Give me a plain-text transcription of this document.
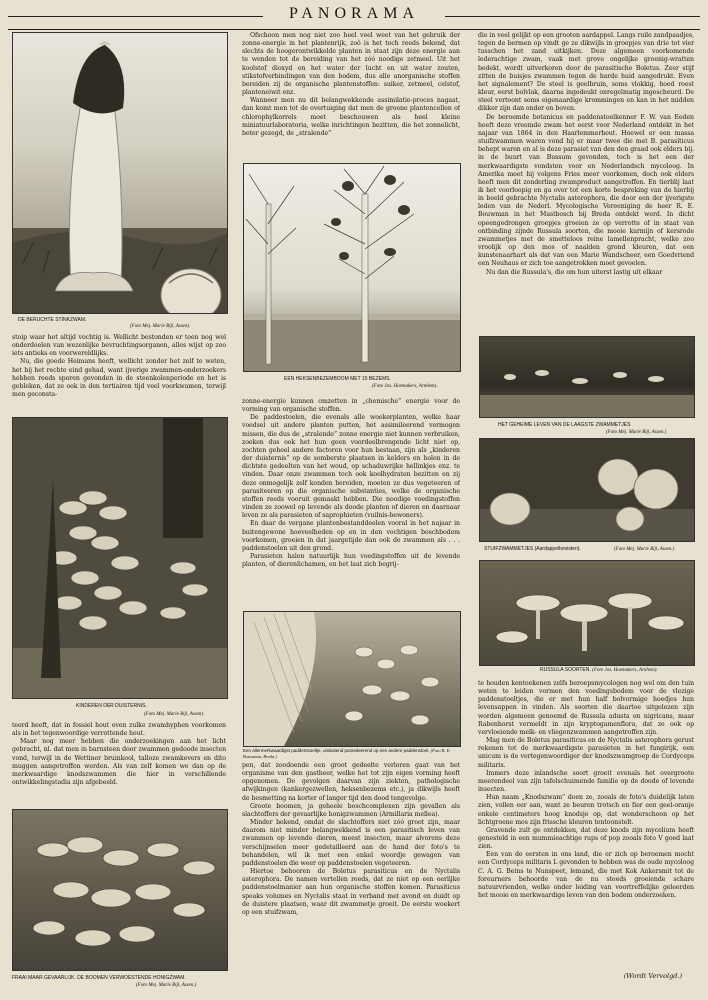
PANORAMA
DE BERUCHTE STINKZWAM.
(Foto Mej. Marie Bijl, Assen).

stoip waar het altijd vochtig is. Wellicht bestonden er toen nog wel onderdeelen van wezenlijke bevruchtingsorganen, alles wijst op zoo iets antieks en voorwereldlijks.

Nu, die goede Heimans heeft, wellicht zonder het zelf te weten, het bij het rechte eind gehad, want ijverige zwammen-onderzoekers hebben reeds sporen gevonden in de steenkolenperiode en het is gebleken, dat ze ook in den tertiairen tijd veel voorkwamen, terwijl men geconsta-

KINDEREN DER DUISTERNIS.
(Foto Mej. Marie Bijl, Assen).

teerd heeft, dat in fossiel hout even zulke zwamhyphen voorkomen als in het tegenwoordige verrottende hout.

Maar nog meer hebben die onderzoekingen aan het licht gebracht, nl. dat men in barnsteen door zwammen gedoode insecten vond, terwijl in de Wettiner bruinkool, talloze zwamkevers en dito muggen aangetroffen werden. Als van zelf komen we dan op de merkwaardige knodszwammen die hier in verschillende ontwikkelingstadia zijn afgebeeld.

FRAAI MAAR GEVAARLIJK. DE BOOMEN VERWOESTENDE HONIGZWAM.
(Foto Mej. Marie Bijl, Assen.)

Ofschoon men nog niet zoo heel veel weet van het gebruik der zonne-energie in het plantenrijk, zoô is het toch reeds bekend, dat slechts de hoogerontwikkelde planten in staat zijn deze energie aan te wenden tot de bereiding van het zóó noodige zetmeel. Uit het koolstof dioxyd en het water der lucht en uit water zouten, stikstofverbindingen van den bodem, dus alle anorganische stoffen bereiden zij de organische plantenstoffen: suiker, zetmeel, celstof, planteneiwit enz.

Wanneer men nu dit belangwekkende assimilatie-proces nagaat, dan komt men tot de overtuiging dat men de groene plantencellen of chlorophylkorrels moet beschouwen als heel kleine miniatuurlaboratoria, welke inrichtingen bezitten, die het zonnelicht, beter gezegd, de „stralende”

EEN HEKSENBEZEMBOOM MET 15 BEZEMS.
(Foto Jos. Hoemakers, Arnhem).

zonne-energie kunnen omzetten in „chemische” energie voor de vorming van organische stoffen.

De paddestoelen, die evenals alle woekerplanten, welke haar voedsel uit andere planten putten, het assimileerend vermogen missen, die dus de „stralende” zonne energie niet kunnen verbruiken, zoeken dus ook het hun geen voordeelbrengende licht niet op, zochten geheel andere factoren voor hun bestaan, zijn als „kinderen der duisternis” op de somberste plaatsen in kelders en holen in de dichtste gedeelten van het woud, op schaduwrijke hellinkjes enz. te vinden. Daar onze zwammen toch ook koolhydraten bezitten en zij deze onmogelijk zelf konden bereiden, moeten ze dus vegeteeren of parasiteeren op die organische substanties, welke de organische stoffen reeds vooruit gemaakt hebben. Die noodige voedingstoffen vinden ze zoowel op levende als doode planten of dieren en daarnaar leven ze als parasieten of saprophieten (vuilnis-bewoners).

En daar de vergane plantenbestanddeelen vooral in het najaar in buitengewone hoeveelheden op en in den vochtigen boschbodem voorkomen, groeien in dat jaargetijde dan ook de zwammen als . . . paddenstoelen uit den grond.

Parasieten halen natuurlijk hun voedingstoffen uit de levende planten, of dierenlichamen, en het laat zich begrij-

Een allermerkwaardigst paddenstoeltje, uitsluitend parasiteerend op een andere paddenstoel. (Foto R. E. Bouwman, Breda.)

pen, dat zoodoende een groot gedeelte verloren gaat van het organisme van den gastheer, welke het tot zijn eigen vorming heeft opgenomen. De gevolgen daarvan zijn ziekten, pathologische afwijkingen (kankergezwellen, heksenbezems etc.), ja dikwijls heeft de besmetting na korter of langer tijd den dood tengevolge.

Groote boomen, ja geheele boschcomplexen zijn gevallen als slachtoffers der gevaarlijke honigzwammen (Armillaria mellea).

Minder bekend, omdat de slachtoffers niet zóó groot zijn, maar daarom niet minder belangwekkend is een parasitisch leven van zwammen op levende dieren, meest insecten, maar alvorens deze verschijnselen meer gedetailleerd aan de hand der foto's te behandelen, wil ik met een enkel woordje gewagen van paddenstoelen die weer op paddenstoelen vegeteeren.

Hiertoe behooren de Boletus parasiticus en de Nyctalis asterophora. De namen vertellen reeds, dat ze niet op een eerlijke paddenstoelmanier aan hun organische stoffen komen. Parasiticus speaks volumes en Nyctalis staat in verband met avond en duidt op de duistere plaatsen, waar dit zwammetje groeit. De eerste woekert op een stuifzwam,

die in veel gelijkt op een grooten aardappel. Langs ruile zandpaadjes, tegen de bermen op vindt ge ze dikwijls in groepjes van drie tot vier tusschen het zand uitkijken. Deze algemeen voorkomende lederachtige zwam, vaak met grove ongelijke groenig-wratten bedekt, wordt uitverkoren door de parasitische Boletus. Zeer stijf zitten de buisjes zwammen tegen de harde huid aangedrukt. Even het signalement? De steel is geelbruin, soms vlokkig, hoed roest kleur, eerst bolvlak, daarna ingedeukt onregelmatig ingescheurd. De steel vertoont soms eigenaardige krommingen en kan in het midden dikker zijn dan onder en boven.

De beroemde botanicus en paddenstoelkenner F. W. van Eeden heeft deze vreemde zwam het eerst voor Nederland ontdekt in het najaar van 1864 in den Haarlemmerhout. Hoewel er een massa stuifzwammen waren vond hij er maar twee die met B. parasiticus behept waren en al is deze parasiet van den den graad ook elders bij. in de buurt van Bussum gevonden, toch is het een der merkwaardigste vondsten voor en Nederlandsch mycoloog. In Amerika moet hij volgens Fries meer voorkomen, doch ook elders heeft men dit zonderling zwamproduct aangetroffen. En tierblij laat ik het voorloopig en ga over tot een korte bespreking van de hierbij in beeld gebrachte Nyctalis asterophora, die door een der ijverigste leden van de Nederl. Mycologische Vereeniging de heer R. E. Bouwman in het Mastbosch bij Breda ontdekt werd. In dicht opeengedrongen groepjes groeien ze op verrotte of in staat van ontbinding zijnde Russula soorten, die mooie karmijn of kersrode zwammetjes met de smetteloos reine lamellenpracht, welke zoo vroolijk op den mos of naalden grond kleuren, dat een kunstenaarhart als dat van een Marie Wandscheer, een Goedvriend een Neuhaus er zich toe aangetrokken moet gevoelen.

Nu dan die Russula's, die om hun uiterst lastig uit elkaar

HET GEHEIME LEVEN VAN DE LAAGSTE ZWAMMETJES
(Foto Mej. Marie Bijl, Assen.)
STUIFZWAMMETJES (Aardappelbovisten).	(Foto Mej. Marie Bijl, Assen.)
RUSSULA SOORTEN. (Foto Jos. Hoemakers, Arnhem).

te houden kenteekenen zelfs beroepsmycologen nog wel om den tuin weten te leiden vormen den voedingsbodem voor de vlezige paddenstoeltjes, die er met hun half bolvormige hoedjes hun levensappen in vinden. Als soorten die daartoe uitgelezen zijn worden algemeen genoemd de Russula adusta en nigricans, maar Rabenhorst vermeldt in zijn kryptogamenflora, dat ze ook op vervloeiende melk- en vliegenzwammen aangetroffen zijn.

Mag men de Boletus parasiticus en de Nyctalis asterophora gerust rekenen tot de merkwaardigste parasieten in het fungirijk, een unicum is de vertegenwoordiger der knodszwamgroep de Cordyceps militaris.

Immers deze inlandsche soort groeit evenals het overgroote meerendeel van zijn tafelschuimende familie op de doode of levende insecten.

Hun naam „Knodszwam” doen ze, zooals de foto's duidelijk laten zien, vollen eer aan, want ze beuren trotsch en fier een geel-oranje enkele centimeters hoog knodsje op, dat wonderschoon op het lichtgroene mos zijn frissche kleuren tentoonstelt.

Gravende zult ge ontdekken, dat deze knods zijn mycelium heeft genesteld in een mummieachtige rups of pop zooals foto V goed laat zien.

Een van de eersten in ons land, die er zich op beroemen mocht een Cordyceps militaris L gevonden te hebben was de oude mycoloog C. A. G. Beins te Nunspeet, lemand, die met Kok Ankersmit tot de foreurners behoorde van de nu steeds groeiende schare natuurvrienden, welke onder leiding van voortreffelijke geleerden het mooie en merkwaardige leven van den bodem onderzoeken.

(Wordt Vervolgd.)
